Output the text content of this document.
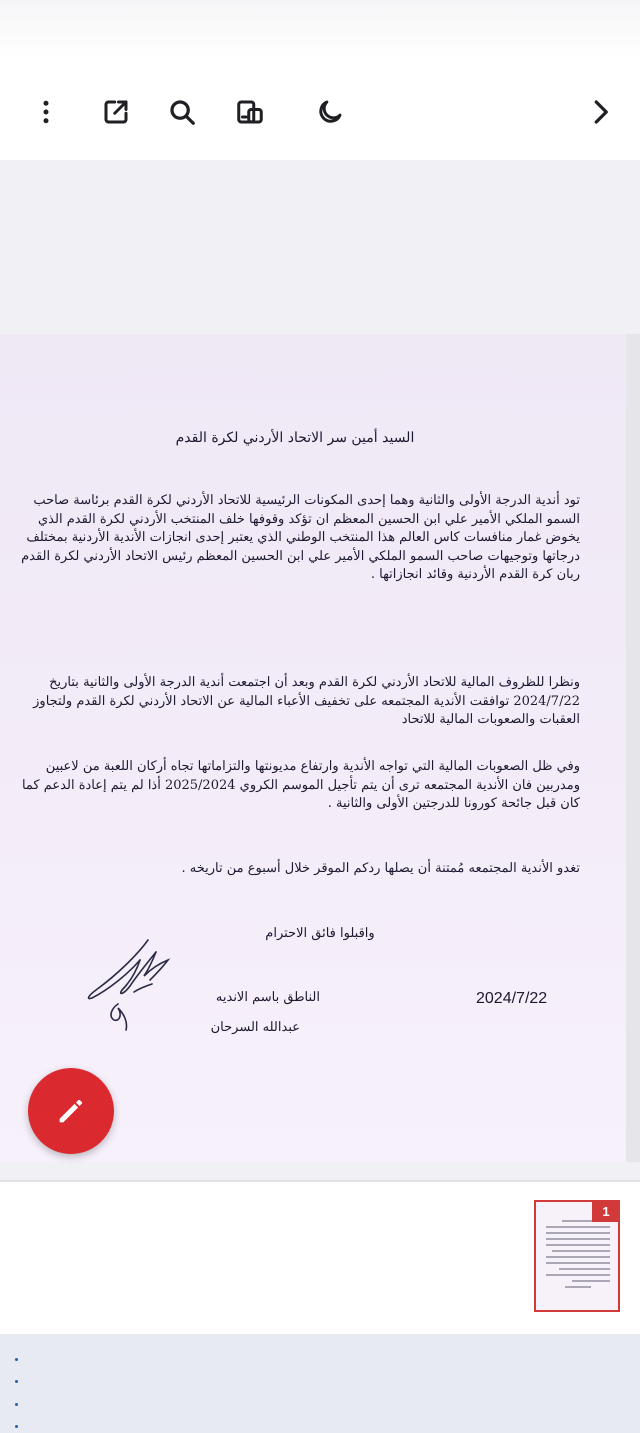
السيد أمين سر الاتحاد الأردني لكرة القدم
تود أندية الدرجة الأولى والثانية وهما إحدى المكونات الرئيسية للاتحاد الأردني لكرة القدم برئاسة صاحب السمو الملكي الأمير علي ابن الحسين المعظم ان تؤكد وقوفها خلف المنتخب الأردني لكرة القدم الذي يخوض غمار منافسات كاس العالم هذا المنتخب الوطني الذي يعتبر إحدى انجازات الأندية الأردنية بمختلف درجاتها وتوجيهات صاحب السمو الملكي الأمير علي ابن الحسين المعظم رئيس الاتحاد الأردني لكرة القدم ربان كرة القدم الأردنية وقائد انجازاتها .
ونظرا للظروف المالية للاتحاد الأردني لكرة القدم وبعد أن اجتمعت أندية الدرجة الأولى والثانية بتاريخ 2024/7/22 توافقت الأندية المجتمعه على تخفيف الأعباء المالية عن الاتحاد الأردني لكرة القدم ولتجاوز العقبات والصعوبات المالية للاتحاد
وفي ظل الصعوبات المالية التي تواجه الأندية وارتفاع مديونتها والتزاماتها تجاه أركان اللعبة من لاعبين ومدربين فان الأندية المجتمعه ترى أن يتم تأجيل الموسم الكروي 2025/2024 أذا لم يتم إعادة الدعم كما كان قبل جائحة كورونا للدرجتين الأولى والثانية .
تغدو الأندية المجتمعه مُمتنة أن يصلها ردكم الموقر خلال أسبوع من تاريخه .
واقبلوا فائق الاحترام
الناطق باسم الانديه
عبدالله السرحان
2024/7/22
1
